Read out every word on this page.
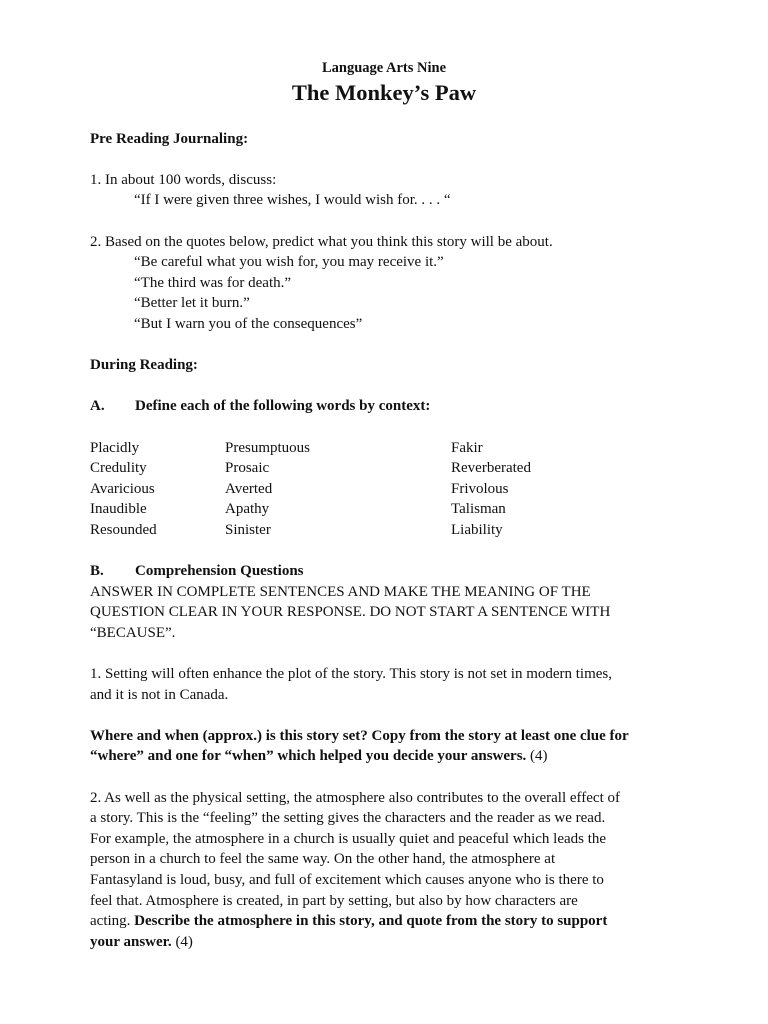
Language Arts Nine

The Monkey’s Paw

Pre Reading Journaling:

1. In about 100 words, discuss:

“If I were given three wishes, I would wish for. . . . “

2. Based on the quotes below, predict what you think this story will be about.

“Be careful what you wish for, you may receive it.”

“The third was for death.”

“Better let it burn.”

“But I warn you of the consequences”

During Reading:

A.	Define each of the following words by context:
Placidly	Presumptuous	Fakir
Credulity	Prosaic	Reverberated
Avaricious	Averted	Frivolous
Inaudible	Apathy	Talisman
Resounded	Sinister	Liability
B.	Comprehension Questions

ANSWER IN COMPLETE SENTENCES AND MAKE THE MEANING OF THE

QUESTION CLEAR IN YOUR RESPONSE. DO NOT START A SENTENCE WITH

“BECAUSE”.

1. Setting will often enhance the plot of the story. This story is not set in modern times,

and it is not in Canada.

Where and when (approx.) is this story set? Copy from the story at least one clue for

“where” and one for “when” which helped you decide your answers. (4)

2. As well as the physical setting, the atmosphere also contributes to the overall effect of

a story. This is the “feeling” the setting gives the characters and the reader as we read.

For example, the atmosphere in a church is usually quiet and peaceful which leads the

person in a church to feel the same way. On the other hand, the atmosphere at

Fantasyland is loud, busy, and full of excitement which causes anyone who is there to

feel that. Atmosphere is created, in part by setting, but also by how characters are

acting. Describe the atmosphere in this story, and quote from the story to support

your answer. (4)
